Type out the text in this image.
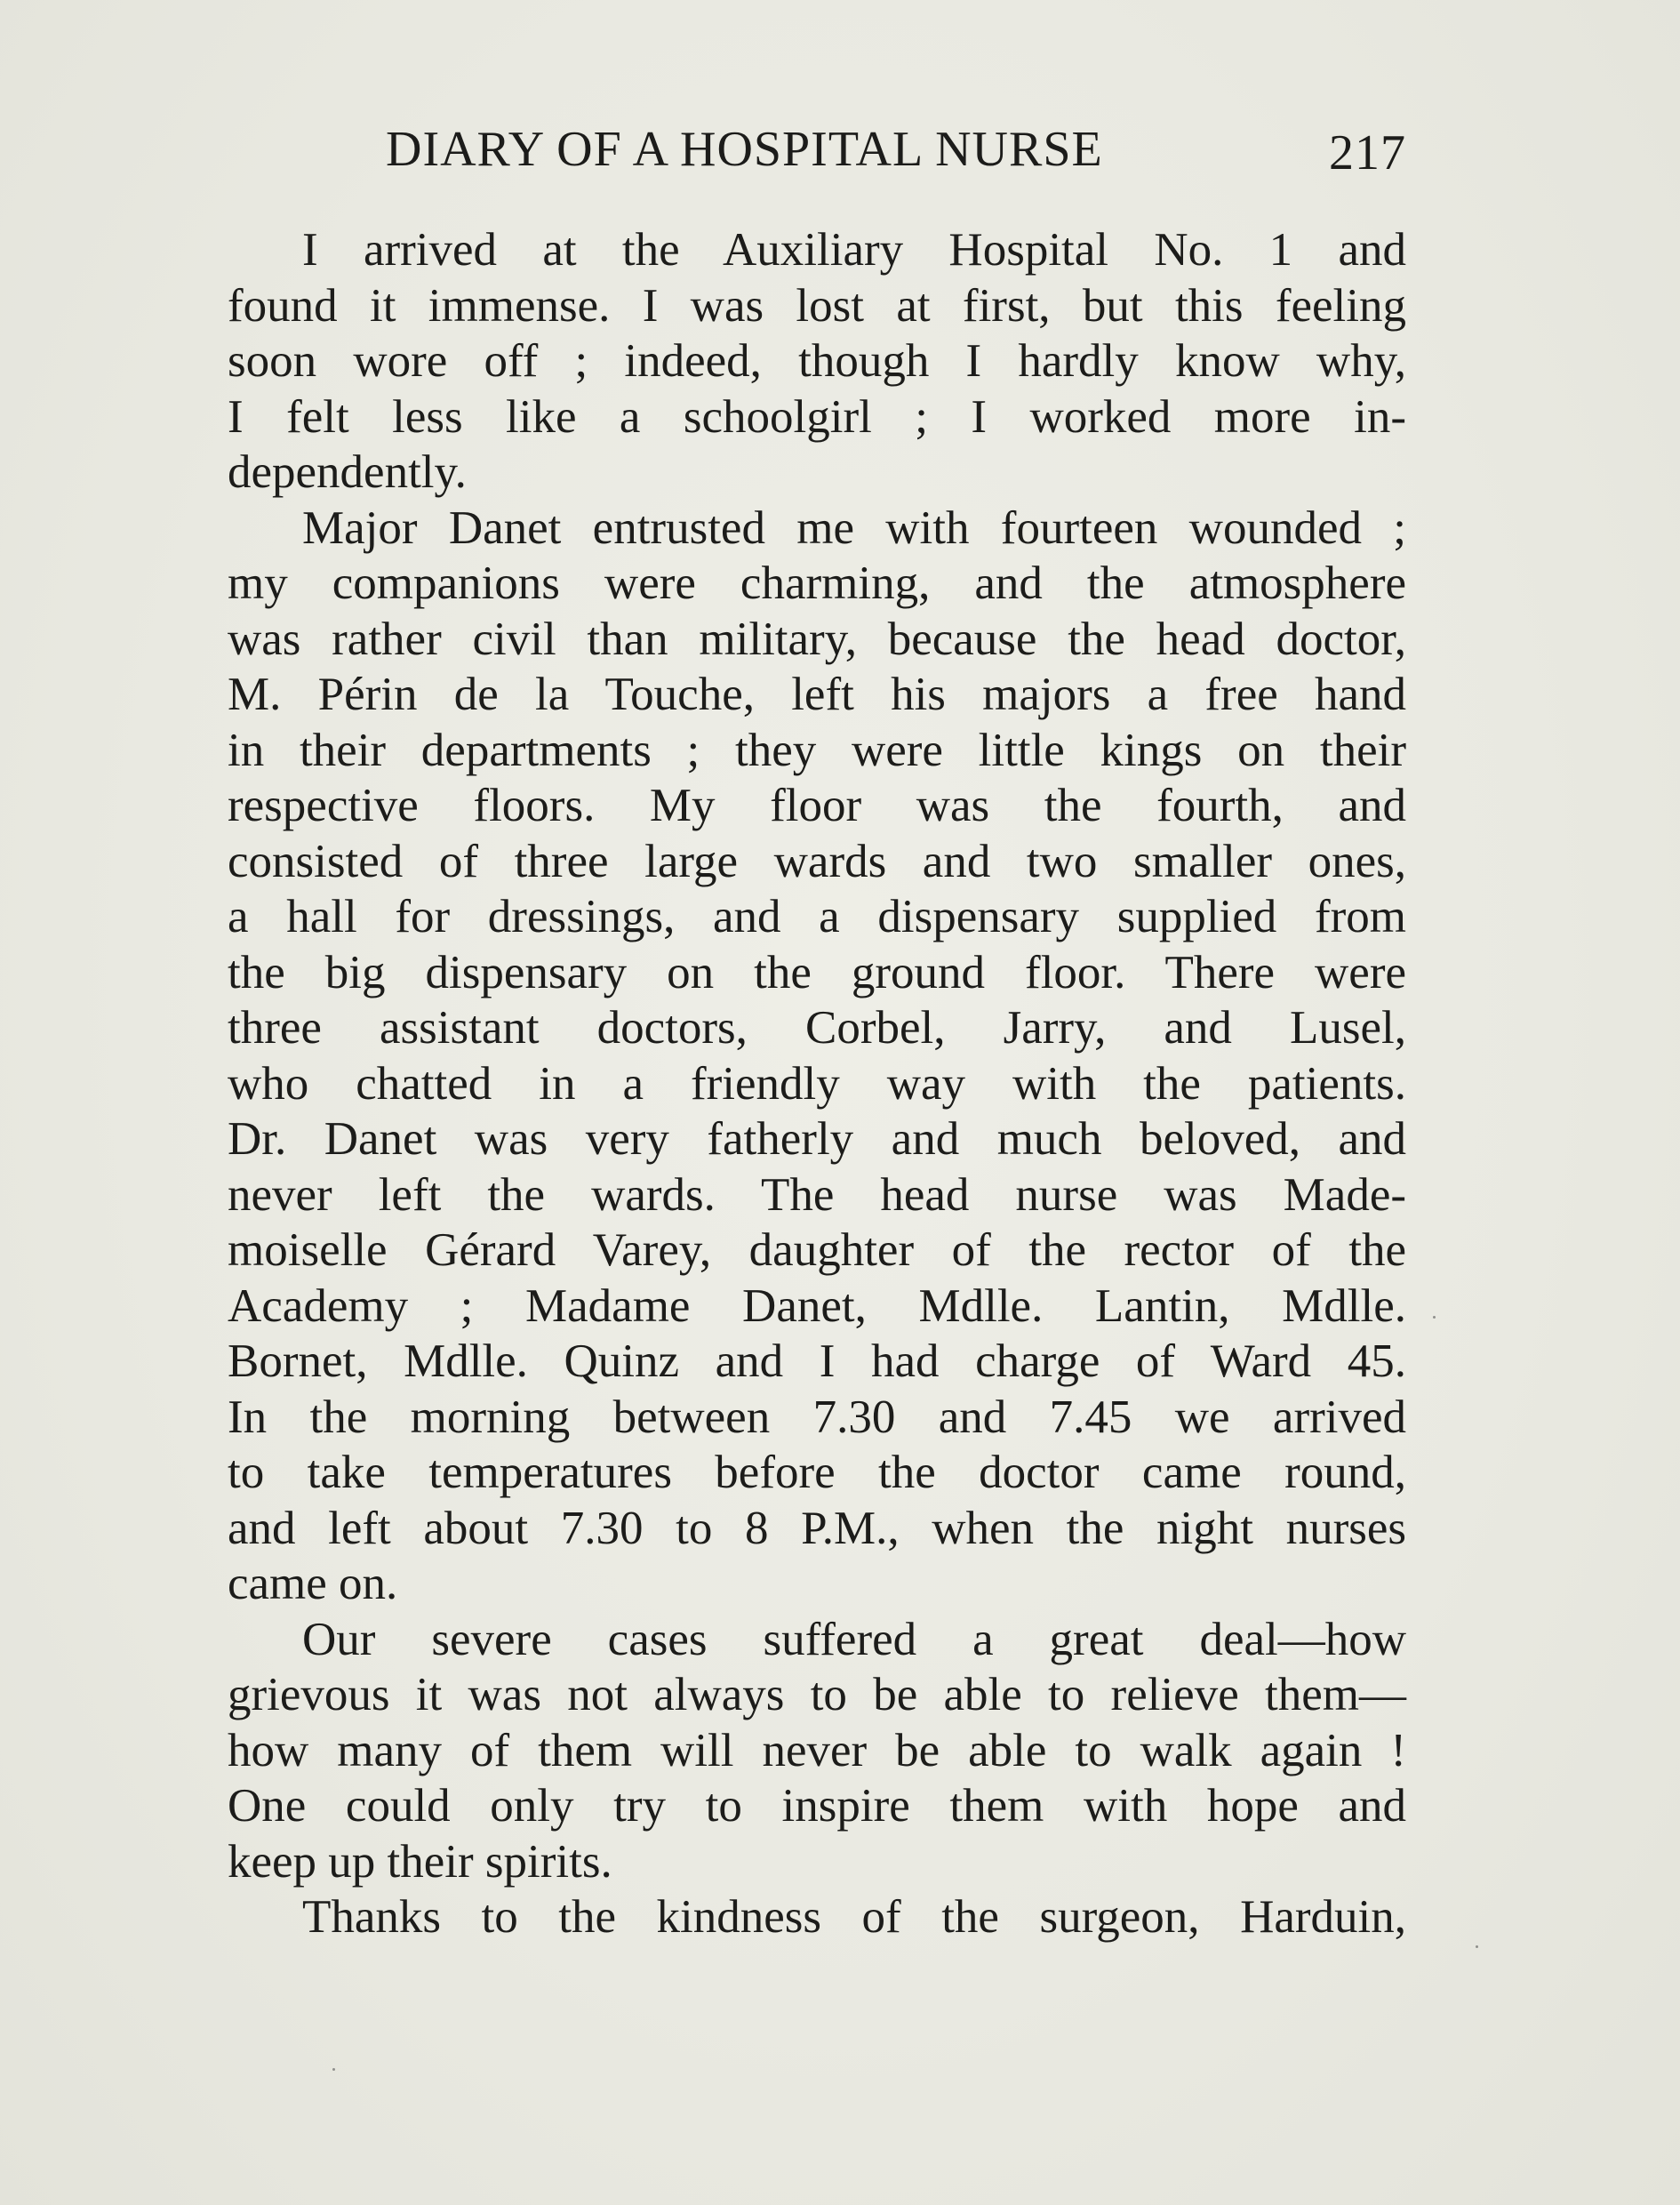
DIARY OF A HOSPITAL NURSE	217

I arrived at the Auxiliary Hospital No. 1 and
found it immense. I was lost at first, but this feeling
soon wore off ; indeed, though I hardly know why,
I felt less like a schoolgirl ; I worked more in-
dependently.

Major Danet entrusted me with fourteen wounded ;
my companions were charming, and the atmosphere
was rather civil than military, because the head doctor,
M. Périn de la Touche, left his majors a free hand
in their departments ; they were little kings on their
respective floors. My floor was the fourth, and
consisted of three large wards and two smaller ones,
a hall for dressings, and a dispensary supplied from
the big dispensary on the ground floor. There were
three assistant doctors, Corbel, Jarry, and Lusel,
who chatted in a friendly way with the patients.
Dr. Danet was very fatherly and much beloved, and
never left the wards. The head nurse was Made-
moiselle Gérard Varey, daughter of the rector of the
Academy ; Madame Danet, Mdlle. Lantin, Mdlle.
Bornet, Mdlle. Quinz and I had charge of Ward 45.
In the morning between 7.30 and 7.45 we arrived
to take temperatures before the doctor came round,
and left about 7.30 to 8 P.M., when the night nurses
came on.

Our severe cases suffered a great deal—how
grievous it was not always to be able to relieve them—
how many of them will never be able to walk again !
One could only try to inspire them with hope and
keep up their spirits.

Thanks to the kindness of the surgeon, Harduin,
